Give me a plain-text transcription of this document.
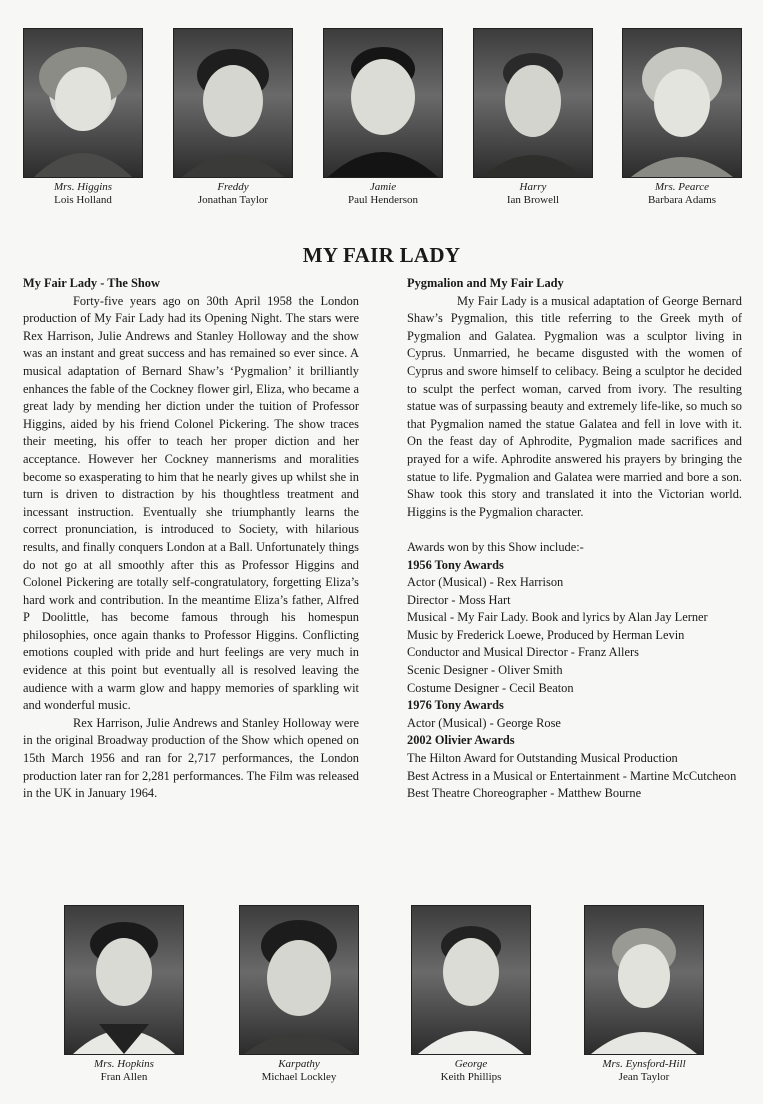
Mrs. Higgins
Lois Holland
Freddy
Jonathan Taylor
Jamie
Paul Henderson
Harry
Ian Browell
Mrs. Pearce
Barbara Adams
MY FAIR LADY
My Fair Lady - The Show

Forty-five years ago on 30th April 1958 the London production of My Fair Lady had its Opening Night. The stars were Rex Harrison, Julie Andrews and Stanley Holloway and the show was an instant and great success and has remained so ever since. A musical adaptation of Bernard Shaw’s ‘Pygmalion’ it brilliantly enhances the fable of the Cockney flower girl, Eliza, who became a great lady by mending her diction under the tuition of Professor Higgins, aided by his friend Colonel Pickering. The show traces their meeting, his offer to teach her proper diction and her acceptance. However her Cockney mannerisms and moralities become so exasperating to him that he nearly gives up whilst she in turn is driven to distraction by his thoughtless treatment and incessant instruction. Eventually she triumphantly learns the correct pronunciation, is introduced to Society, with hilarious results, and finally conquers London at a Ball. Unfortunately things do not go at all smoothly after this as Professor Higgins and Colonel Pickering are totally self-congratulatory, forgetting Eliza’s hard work and contribution. In the meantime Eliza’s father, Alfred P Doolittle, has become famous through his homespun philosophies, once again thanks to Professor Higgins. Conflicting emotions coupled with pride and hurt feelings are very much in evidence at this point but eventually all is resolved leaving the audience with a warm glow and happy memories of sparkling wit and wonderful music.

Rex Harrison, Julie Andrews and Stanley Holloway were in the original Broadway production of the Show which opened on 15th March 1956 and ran for 2,717 performances, the London production later ran for 2,281 performances. The Film was released in the UK in January 1964.

Pygmalion and My Fair Lady

My Fair Lady is a musical adaptation of George Bernard Shaw’s Pygmalion, this title referring to the Greek myth of Pygmalion and Galatea. Pygmalion was a sculptor living in Cyprus. Unmarried, he became disgusted with the women of Cyprus and swore himself to celibacy. Being a sculptor he decided to sculpt the perfect woman, carved from ivory. The resulting statue was of surpassing beauty and extremely life-like, so much so that Pygmalion named the statue Galatea and fell in love with it. On the feast day of Aphrodite, Pygmalion made sacrifices and prayed for a wife. Aphrodite answered his prayers by bringing the statue to life. Pygmalion and Galatea were married and bore a son. Shaw took this story and translated it into the Victorian world. Higgins is the Pygmalion character.

Awards won by this Show include:-

1956 Tony Awards

Actor (Musical) - Rex Harrison

Director - Moss Hart

Musical - My Fair Lady. Book and lyrics by Alan Jay Lerner

Music by Frederick Loewe, Produced by Herman Levin

Conductor and Musical Director - Franz Allers

Scenic Designer - Oliver Smith

Costume Designer - Cecil Beaton

1976 Tony Awards

Actor (Musical) - George Rose

2002 Olivier Awards

The Hilton Award for Outstanding Musical Production

Best Actress in a Musical or Entertainment - Martine McCutcheon

Best Theatre Choreographer - Matthew Bourne

Mrs. Hopkins
Fran Allen
Karpathy
Michael Lockley
George
Keith Phillips
Mrs. Eynsford-Hill
Jean Taylor
